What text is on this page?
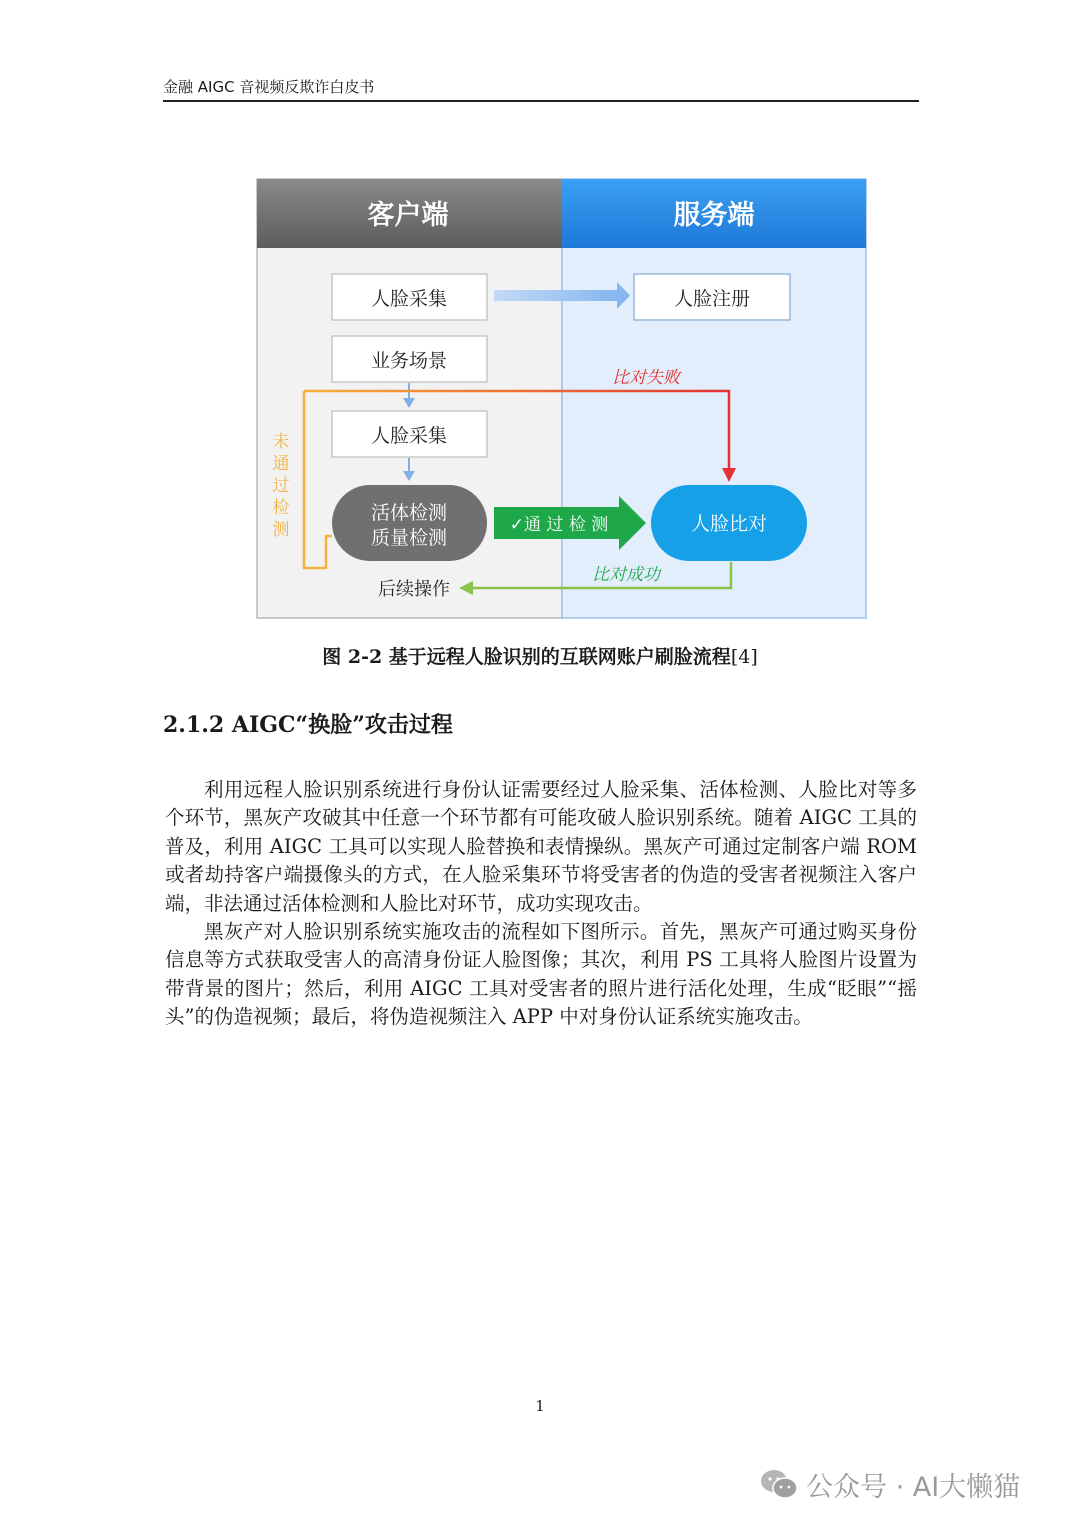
金融 AIGC 音视频反欺诈白皮书
客户端	服务端
人脸采集	人脸注册
业务场景
比对失败
未
通
过
检
测
人脸采集
活体检测
质量检测
✓通 过 检 测	人脸比对
比对成功
后续操作
图 2-2 基于远程人脸识别的互联网账户刷脸流程[4]
2.1.2 AIGC“换脸”攻击过程

利用远程人脸识别系统进行身份认证需要经过人脸采集、活体检测、人脸比对等多个环节，黑灰产攻破其中任意一个环节都有可能攻破人脸识别系统。随着 AIGC 工具的普及，利用 AIGC 工具可以实现人脸替换和表情操纵。黑灰产可通过定制客户端 ROM 或者劫持客户端摄像头的方式，在人脸采集环节将受害者的伪造的受害者视频注入客户端，非法通过活体检测和人脸比对环节，成功实现攻击。

黑灰产对人脸识别系统实施攻击的流程如下图所示。首先，黑灰产可通过购买身份信息等方式获取受害人的高清身份证人脸图像；其次，利用 PS 工具将人脸图片设置为带背景的图片；然后，利用 AIGC 工具对受害者的照片进行活化处理，生成“眨眼”“摇头”的伪造视频；最后，将伪造视频注入 APP 中对身份认证系统实施攻击。

1
公众号 · AI大懒猫
